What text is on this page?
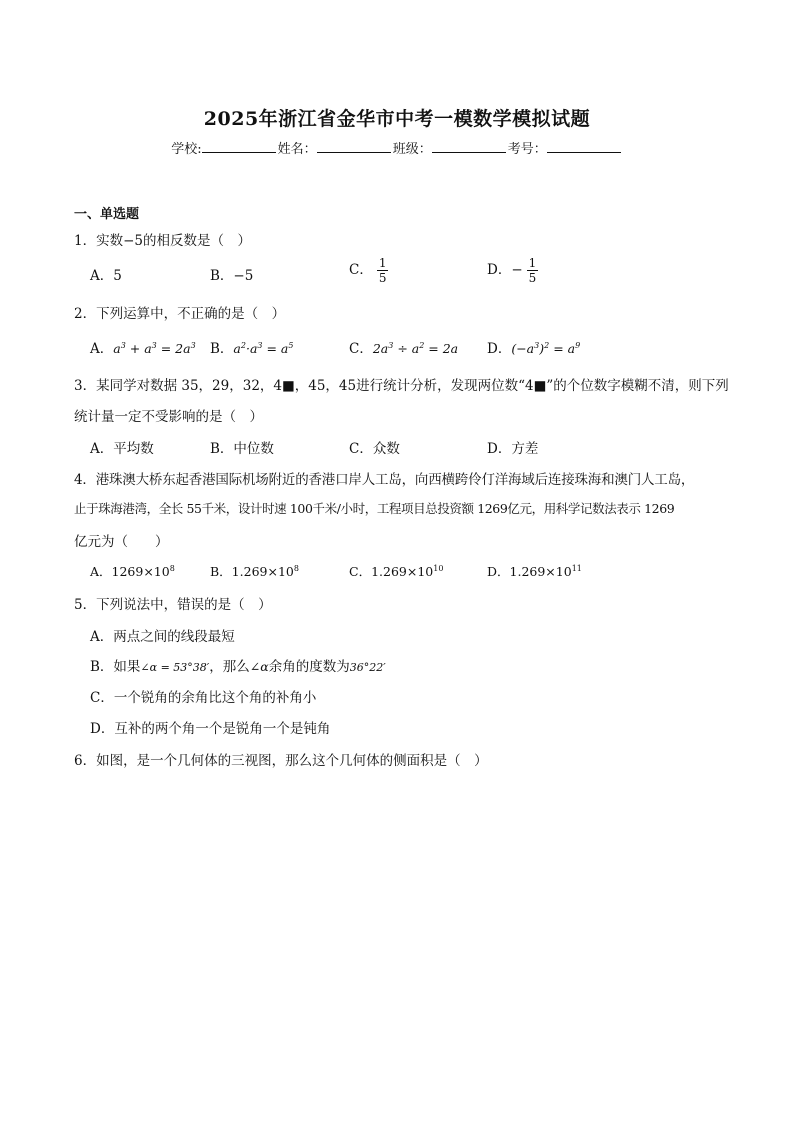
2025年浙江省金华市中考一模数学模拟试题
学校:	姓名：	班级：	考号：
一、单选题
1．实数−5的相反数是（　）
A．5	B．−5	C． $\frac{1}{5}$	D．− $\frac{1}{5}$
2．下列运算中，不正确的是（　）
A．$a^3 + a^3 = 2a^3$ B．$a^2\cdot a^3 = a^5$	C．$2a^3 \div a^2 = 2a$ D．$(-a^3)^2 = a^9$
3．某同学对数据 35，29，32，4■，45，45进行统计分析，发现两位数“4■”的个位数字模糊不清，则下列
统计量一定不受影响的是（　）
A．平均数	B．中位数	C．众数	D．方差
4．港珠澳大桥东起香港国际机场附近的香港口岸人工岛，向西横跨伶仃洋海域后连接珠海和澳门人工岛，
止于珠海港湾，全长 55千米，设计时速 100千米/小时，工程项目总投资额 1269亿元，用科学记数法表示 1269
亿元为（　　）
A．$1269\times 10^8$	B．$1.269\times 10^8$	C．$1.269\times 10^{10}$	D．$1.269\times 10^{11}$
5．下列说法中，错误的是（　）
A．两点之间的线段最短
B．如果∠α = 53°38′，那么∠α余角的度数为36°22′
C．一个锐角的余角比这个角的补角小
D．互补的两个角一个是锐角一个是钝角
6．如图，是一个几何体的三视图，那么这个几何体的侧面积是（　）
